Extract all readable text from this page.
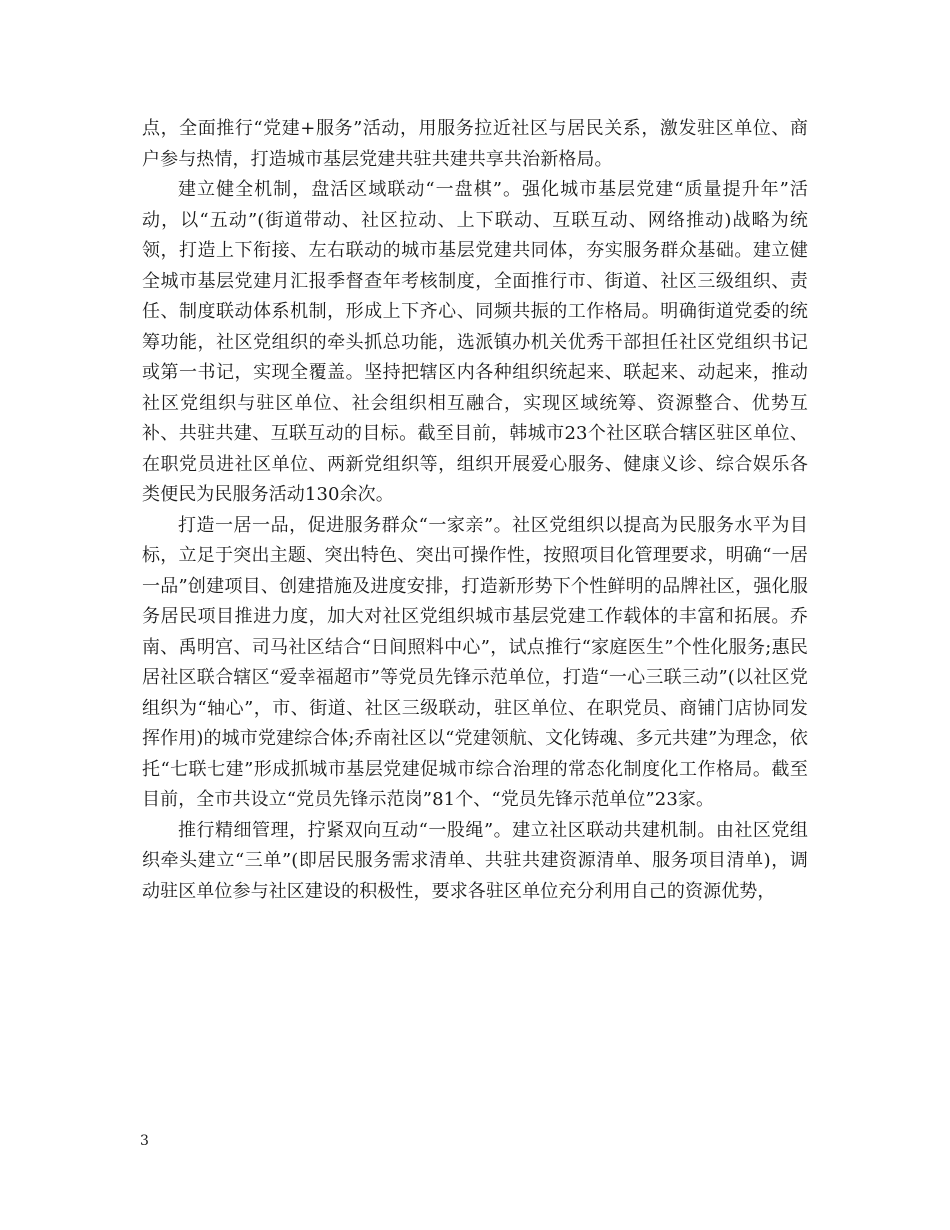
点，全面推行“党建+服务”活动，用服务拉近社区与居民关系，激发驻区单位、商户参与热情，打造城市基层党建共驻共建共享共治新格局。

建立健全机制，盘活区域联动“一盘棋”。强化城市基层党建“质量提升年”活动，以“五动”(街道带动、社区拉动、上下联动、互联互动、网络推动)战略为统领，打造上下衔接、左右联动的城市基层党建共同体，夯实服务群众基础。建立健全城市基层党建月汇报季督查年考核制度，全面推行市、街道、社区三级组织、责任、制度联动体系机制，形成上下齐心、同频共振的工作格局。明确街道党委的统筹功能，社区党组织的牵头抓总功能，选派镇办机关优秀干部担任社区党组织书记或第一书记，实现全覆盖。坚持把辖区内各种组织统起来、联起来、动起来，推动社区党组织与驻区单位、社会组织相互融合，实现区域统筹、资源整合、优势互补、共驻共建、互联互动的目标。截至目前，韩城市23个社区联合辖区驻区单位、在职党员进社区单位、两新党组织等，组织开展爱心服务、健康义诊、综合娱乐各类便民为民服务活动130余次。

打造一居一品，促进服务群众“一家亲”。社区党组织以提高为民服务水平为目标，立足于突出主题、突出特色、突出可操作性，按照项目化管理要求，明确“一居一品”创建项目、创建措施及进度安排，打造新形势下个性鲜明的品牌社区，强化服务居民项目推进力度，加大对社区党组织城市基层党建工作载体的丰富和拓展。乔南、禹明宫、司马社区结合“日间照料中心”，试点推行“家庭医生”个性化服务;惠民居社区联合辖区“爱幸福超市”等党员先锋示范单位，打造“一心三联三动”(以社区党组织为“轴心”，市、街道、社区三级联动，驻区单位、在职党员、商铺门店协同发挥作用)的城市党建综合体;乔南社区以“党建领航、文化铸魂、多元共建”为理念，依托“七联七建”形成抓城市基层党建促城市综合治理的常态化制度化工作格局。截至目前，全市共设立“党员先锋示范岗”81个、“党员先锋示范单位”23家。

推行精细管理，拧紧双向互动“一股绳”。建立社区联动共建机制。由社区党组织牵头建立“三单”(即居民服务需求清单、共驻共建资源清单、服务项目清单)，调动驻区单位参与社区建设的积极性，要求各驻区单位充分利用自己的资源优势，

3
